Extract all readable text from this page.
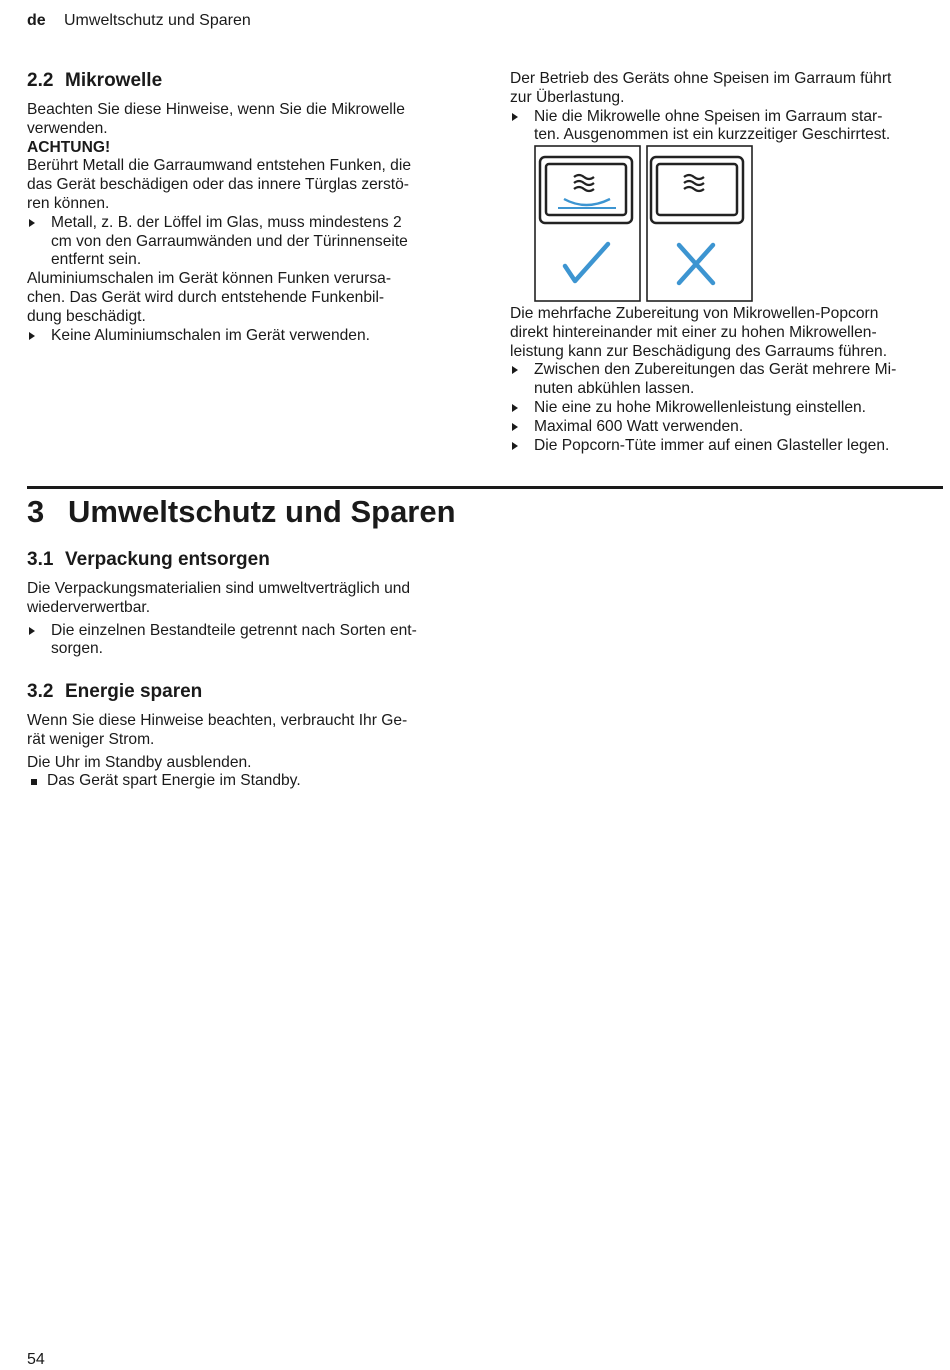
de Umweltschutz und Sparen

2.2 Mikrowelle

Beachten Sie diese Hinweise, wenn Sie die Mikrowelle
verwenden.

ACHTUNG!

Berührt Metall die Garraumwand entstehen Funken, die
das Gerät beschädigen oder das innere Türglas zerstö-
ren können.

Metall, z. B. der Löffel im Glas, muss mindestens 2
cm von den Garraumwänden und der Türinnenseite
entfernt sein.

Aluminiumschalen im Gerät können Funken verursa-
chen. Das Gerät wird durch entstehende Funkenbil-
dung beschädigt.

Keine Aluminiumschalen im Gerät verwenden.

Der Betrieb des Geräts ohne Speisen im Garraum führt
zur Überlastung.

Nie die Mikrowelle ohne Speisen im Garraum star-
ten. Ausgenommen ist ein kurzzeitiger Geschirrtest.

Die mehrfache Zubereitung von Mikrowellen-Popcorn
direkt hintereinander mit einer zu hohen Mikrowellen-
leistung kann zur Beschädigung des Garraums führen.

Zwischen den Zubereitungen das Gerät mehrere Mi-
nuten abkühlen lassen.

Nie eine zu hohe Mikrowellenleistung einstellen.

Maximal 600 Watt verwenden.

Die Popcorn-Tüte immer auf einen Glasteller legen.

3 Umweltschutz und Sparen

3.1 Verpackung entsorgen

Die Verpackungsmaterialien sind umweltverträglich und
wiederverwertbar.

Die einzelnen Bestandteile getrennt nach Sorten ent-
sorgen.

3.2 Energie sparen

Wenn Sie diese Hinweise beachten, verbraucht Ihr Ge-
rät weniger Strom.

Die Uhr im Standby ausblenden.

Das Gerät spart Energie im Standby.

54
